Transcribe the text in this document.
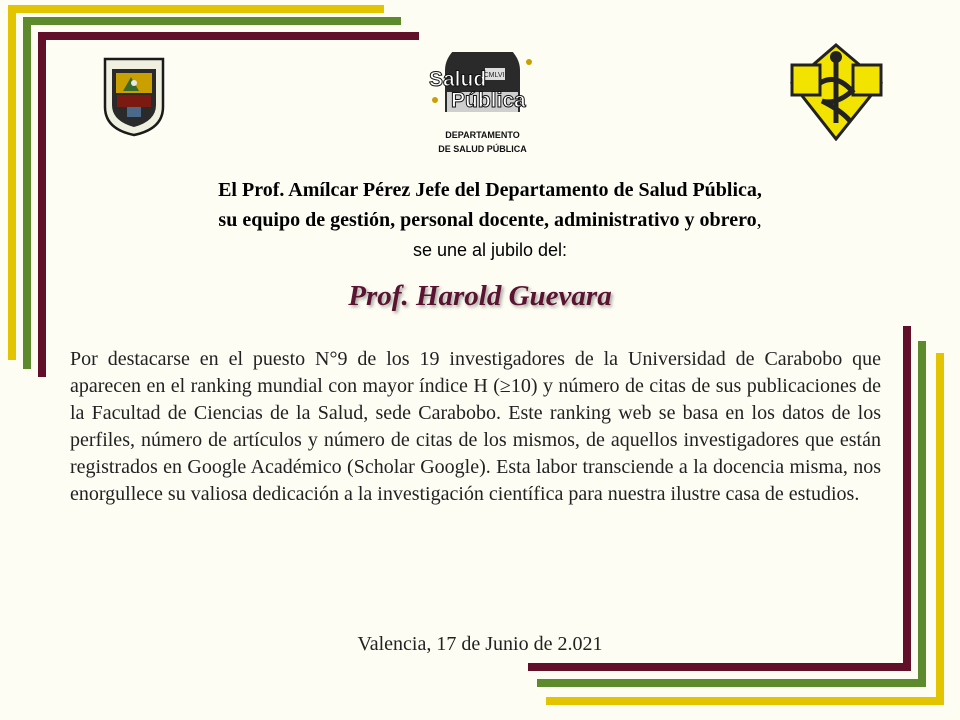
CMLVII
Salud
Pública
DEPARTAMENTO
DE SALUD PÚBLICA
El Prof. Amílcar Pérez Jefe del Departamento de Salud Pública,
su equipo de gestión, personal docente, administrativo y obrero,
se une al jubilo del:
Prof. Harold Guevara
Por destacarse en el puesto N°9 de los 19 investigadores de la Universidad de Carabobo que aparecen en el ranking mundial con mayor índice H (≥10) y número de citas de sus publicaciones de la Facultad de Ciencias de la Salud, sede Carabobo. Este ranking web se basa en los datos de los perfiles, número de artículos y número de citas de los mismos, de aquellos investigadores que están registrados en Google Académico (Scholar Google). Esta labor transciende a la docencia misma, nos enorgullece su valiosa dedicación a la investigación científica para nuestra ilustre casa de estudios.
Valencia, 17 de Junio de 2.021
